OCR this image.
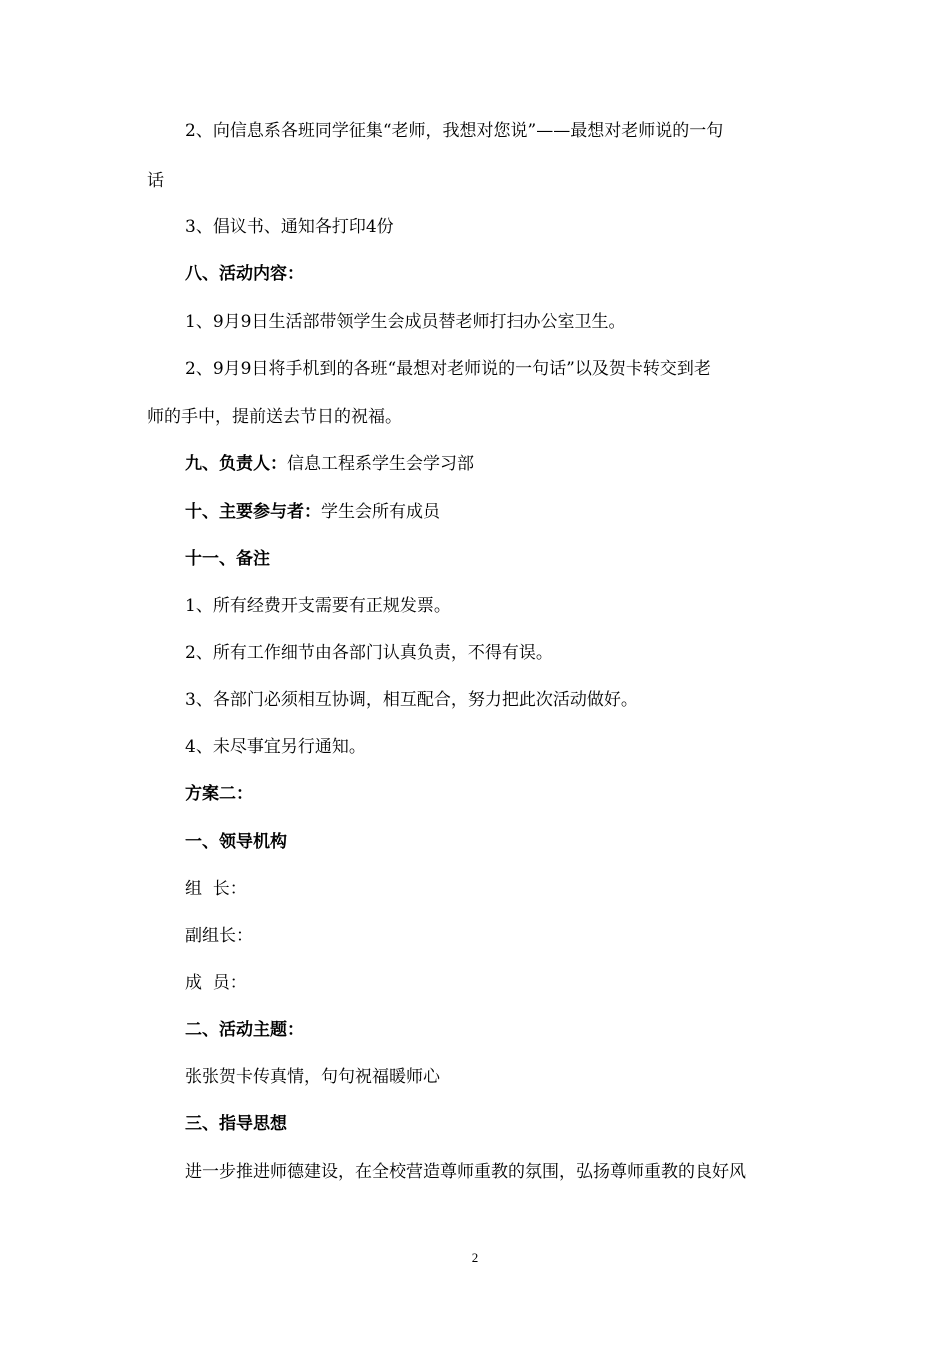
2、向信息系各班同学征集“老师，我想对您说”——最想对老师说的一句
话
3、倡议书、通知各打印4份
八、活动内容：
1、9月9日生活部带领学生会成员替老师打扫办公室卫生。
2、9月9日将手机到的各班“最想对老师说的一句话”以及贺卡转交到老
师的手中，提前送去节日的祝福。
九、负责人：信息工程系学生会学习部
十、主要参与者：学生会所有成员
十一、备注
1、所有经费开支需要有正规发票。
2、所有工作细节由各部门认真负责，不得有误。
3、各部门必须相互协调，相互配合，努力把此次活动做好。
4、未尽事宜另行通知。
方案二：
一、领导机构
组  长：
副组长：
成  员：
二、活动主题：
张张贺卡传真情，句句祝福暖师心
三、指导思想
进一步推进师德建设，在全校营造尊师重教的氛围，弘扬尊师重教的良好风
2
